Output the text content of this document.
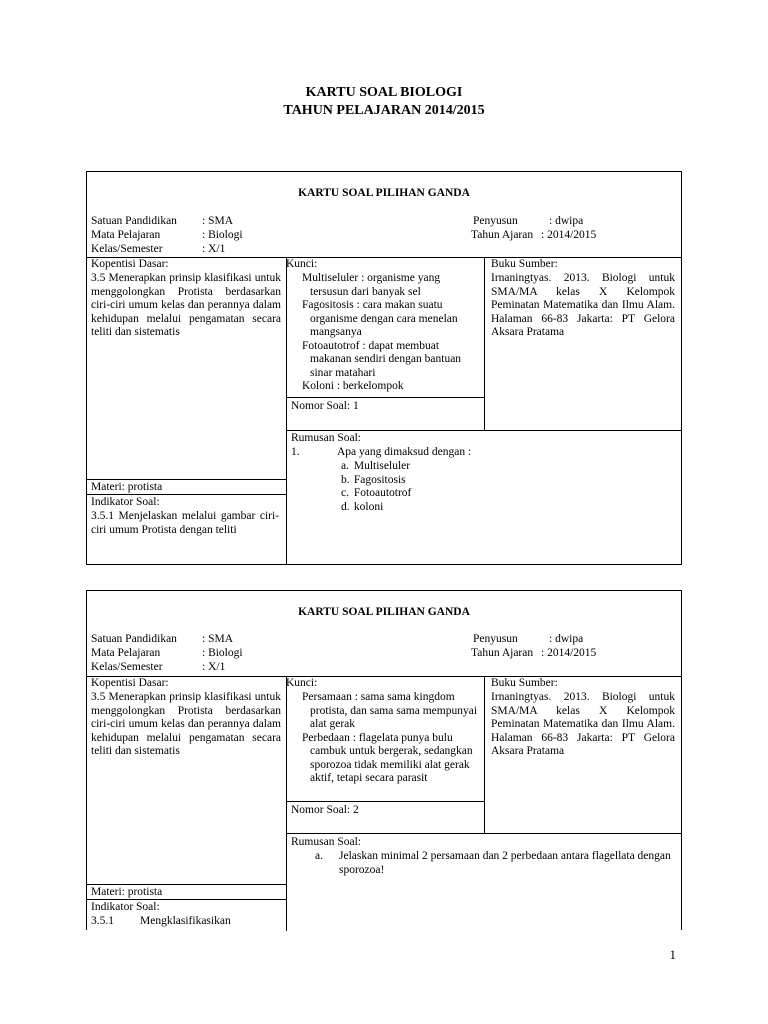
KARTU SOAL BIOLOGI
TAHUN PELAJARAN 2014/2015
KARTU SOAL PILIHAN GANDA
Satuan Pandidikan : SMA
Mata Pelajaran	: Biologi
Kelas/Semester	: X/1
Penyusun	: dwipa
Tahun Ajaran : 2014/2015
Kopentisi Dasar:
3.5 Menerapkan prinsip klasifikasi untuk menggolongkan Protista berdasarkan ciri-ciri umum kelas dan perannya dalam kehidupan melalui pengamatan secara teliti dan sistematis
Kunci:
Multiseluler : organisme yang tersusun dari banyak sel
Fagositosis : cara makan suatu organisme dengan cara menelan mangsanya
Fotoautotrof : dapat membuat makanan sendiri dengan bantuan sinar matahari
Koloni : berkelompok
Buku Sumber:
Irnaningtyas. 2013. Biologi untuk SMA/MA kelas X Kelompok Peminatan Matematika dan Ilmu Alam. Halaman 66-83 Jakarta: PT Gelora Aksara Pratama
Nomor Soal: 1
Rumusan Soal:
1.	Apa yang dimaksud dengan :
a. Multiseluler
b. Fagositosis
c. Fotoautotrof
d. koloni
Materi: protista
Indikator Soal:
3.5.1 Menjelaskan melalui gambar ciri-ciri umum Protista dengan teliti
KARTU SOAL PILIHAN GANDA
Satuan Pandidikan : SMA
Mata Pelajaran	: Biologi
Kelas/Semester	: X/1
Penyusun	: dwipa
Tahun Ajaran : 2014/2015
Kopentisi Dasar:
3.5 Menerapkan prinsip klasifikasi untuk menggolongkan Protista berdasarkan ciri-ciri umum kelas dan perannya dalam kehidupan melalui pengamatan secara teliti dan sistematis
Kunci:
Persamaan : sama sama kingdom protista, dan sama sama mempunyai alat gerak
Perbedaan : flagelata punya bulu cambuk untuk bergerak, sedangkan sporozoa tidak memiliki alat gerak aktif, tetapi secara parasit
Buku Sumber:
Irnaningtyas. 2013. Biologi untuk SMA/MA kelas X Kelompok Peminatan Matematika dan Ilmu Alam. Halaman 66-83 Jakarta: PT Gelora Aksara Pratama
Nomor Soal: 2
Rumusan Soal:
a. Jelaskan minimal 2 persamaan dan 2 perbedaan antara flagellata dengan sporozoa!
Materi: protista
Indikator Soal:
3.5.1 Mengklasifikasikan
1
